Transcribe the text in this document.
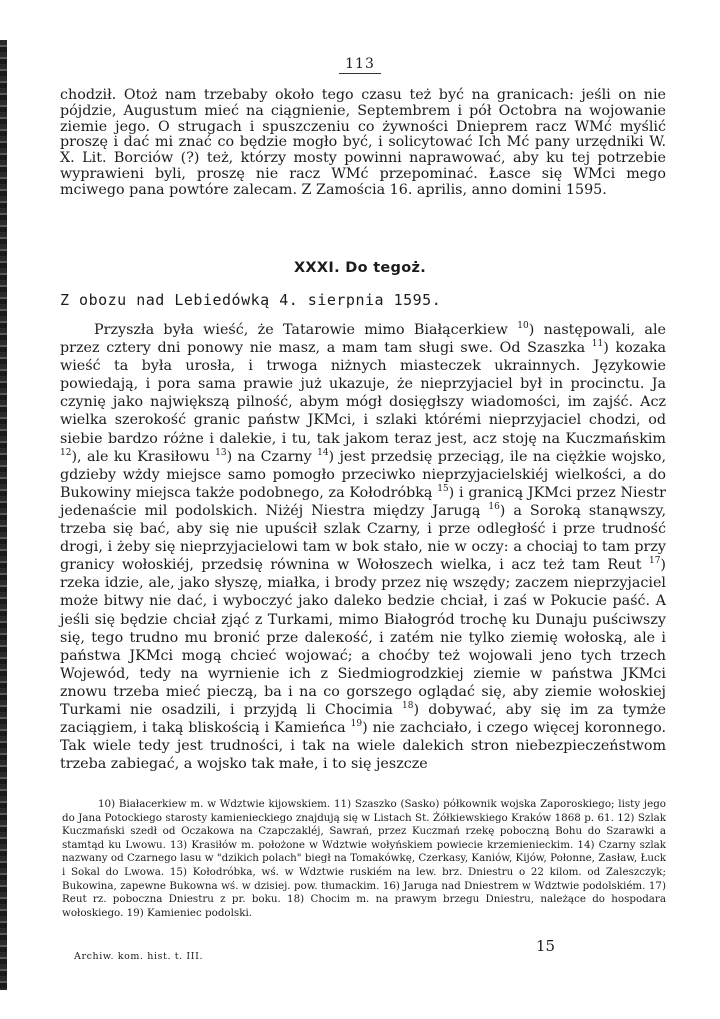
113

chodził. Otoż nam trzebaby około tego czasu też być na granicach: jeśli on nie pójdzie, Augustum mieć na ciągnienie, Septembrem i pół Octobra na wojowanie ziemie jego. O strugach i spuszczeniu co żywności Dnieprem racz WMć myślić proszę i dać mi znać co będzie mogło być, i solicytować Ich Mć pany urzędniki W. X. Lit. Borciów (?) też, którzy mosty powinni naprawować, aby ku tej potrzebie wyprawieni byli, proszę nie racz WMć przepominać. Łasce się WMci mego mciwego pana powtóre zalecam. Z Zamościa 16. aprilis, anno domini 1595.

XXXI. Do tegoż.
Z obozu nad Lebiedówką 4. sierpnia 1595.

Przyszła była wieść, że Tatarowie mimo Białącerkiew $^{10}$) następowali, ale przez cztery dni ponowy nie masz, a mam tam sługi swe. Od Szaszka $^{11}$) kozaka wieść ta była urosła, i trwoga niżnych miasteczek ukrainnych. Językowie powiedają, i pora sama prawie już ukazuje, że nieprzyjaciel był in procinctu. Ja czynię jako największą pilność, abym mógł dosięgłszy wiadomości, im zajść. Acz wielka szerokość granic państw JKMci, i szlaki którémi nieprzyjaciel chodzi, od siebie bardzo różne i dalekie, i tu, tak jakom teraz jest, acz stoję na Kuczmańskim $^{12}$), ale ku Krasiłowu $^{13}$) na Czarny $^{14}$) jest przedsię przeciąg, ile na ciężkie wojsko, gdzieby wżdy miejsce samo pomogło przeciwko nieprzyjacielskiéj wielkości, a do Bukowiny miejsca także podobnego, za Kołodróbką $^{15}$) i granicą JKMci przez Niestr jedenaście mil podolskich. Niżéj Niestra między Jarugą $^{16}$) a Soroką stanąwszy, trzeba się bać, aby się nie upuścił szlak Czarny, i prze odległość i prze trudność drogi, i żeby się nieprzyjacielowi tam w bok stało, nie w oczy: a chociaj to tam przy granicy wołoskiéj, przedsię równina w Wołoszech wielka, i acz też tam Reut $^{17}$) rzeka idzie, ale, jako słyszę, miałka, i brody przez nię wszędy; zaczem nieprzyjaciel może bitwy nie dać, i wyboczyć jako daleko bedzie chciał, i zaś w Pokucie paść. A jeśli się będzie chciał zjąć z Turkami, mimo Białogród trochę ku Dunaju puściwszy się, tego trudno mu bronić prze daleкość, i zatém nie tylko ziemię wołoską, ale i państwa JKMci mogą chcieć wojować; a choćby też wojowali jeno tych trzech Wojewód, tedy na wyrnienie ich z Siedmiogrodzkiej ziemie w państwa JKMci znowu trzeba mieć pieczą, ba i na co gorszego oglądać się, aby ziemie wołoskiej Turkami nie osadzili, i przyjdą li Chocimia $^{18}$) dobywać, aby się im za tymże zaciągiem, i taką bliskością i Kamieńca $^{19}$) nie zachciało, i czego więcej koronnego. Tak wiele tedy jest trudności, i tak na wiele dalekich stron niebezpieczeństwom trzeba zabiegać, a wojsko tak małe, i to się jeszcze

10) Białacerkiew m. w Wdztwie kijowskiem. 11) Szaszko (Sasko) półkownik wojska Zaporoskiego; listy jego do Jana Potockiego starosty kamienieckiego znajdują się w Listach St. Żółkiewskiego Kraków 1868 p. 61. 12) Szlak Kuczmański szedł od Oczakowa na Czapczakléj, Sawrań, przez Kuczmań rzekę poboczną Bohu do Szarawki a stamtąd ku Lwowu. 13) Krasiłów m. położone w Wdztwie wołyńskiem powiecie krzemienieckim. 14) Czarny szlak nazwany od Czarnego lasu w "dzikich polach" biegł na Tomakówkę, Czerkasy, Kaniów, Kijów, Połonne, Zasław, Łuck i Sokal do Lwowa. 15) Kołodróbka, wś. w Wdztwie ruskiém na lew. brz. Dniestru o 22 kilom. od Zaleszczyk; Bukowina, zapewne Bukowna wś. w dzisiej. pow. tłumackim. 16) Jaruga nad Dniestrem w Wdztwie podolskiém. 17) Reut rz. poboczna Dniestru z pr. boku. 18) Chocim m. na prawym brzegu Dniestru, należące do hospodara wołoskiego. 19) Kamieniec podolski.

Archiw. kom. hist. t. III.
15
